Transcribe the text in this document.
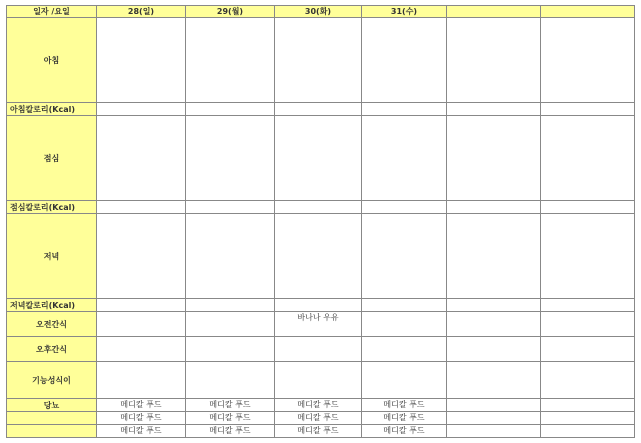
일자 /요일	28(일)	29(월)	30(화)	31(수)		
아침						
아침칼로리(Kcal)						
점심						
점심칼로리(Kcal)						
저녁						
저녁칼로리(Kcal)						
오전간식			바나나 우유			

오후간식						
기능성식이						
당뇨	메디칼 푸드	메디칼 푸드	메디칼 푸드	메디칼 푸드		

	메디칼 푸드	메디칼 푸드	메디칼 푸드	메디칼 푸드		

	메디칼 푸드	메디칼 푸드	메디칼 푸드	메디칼 푸드		
